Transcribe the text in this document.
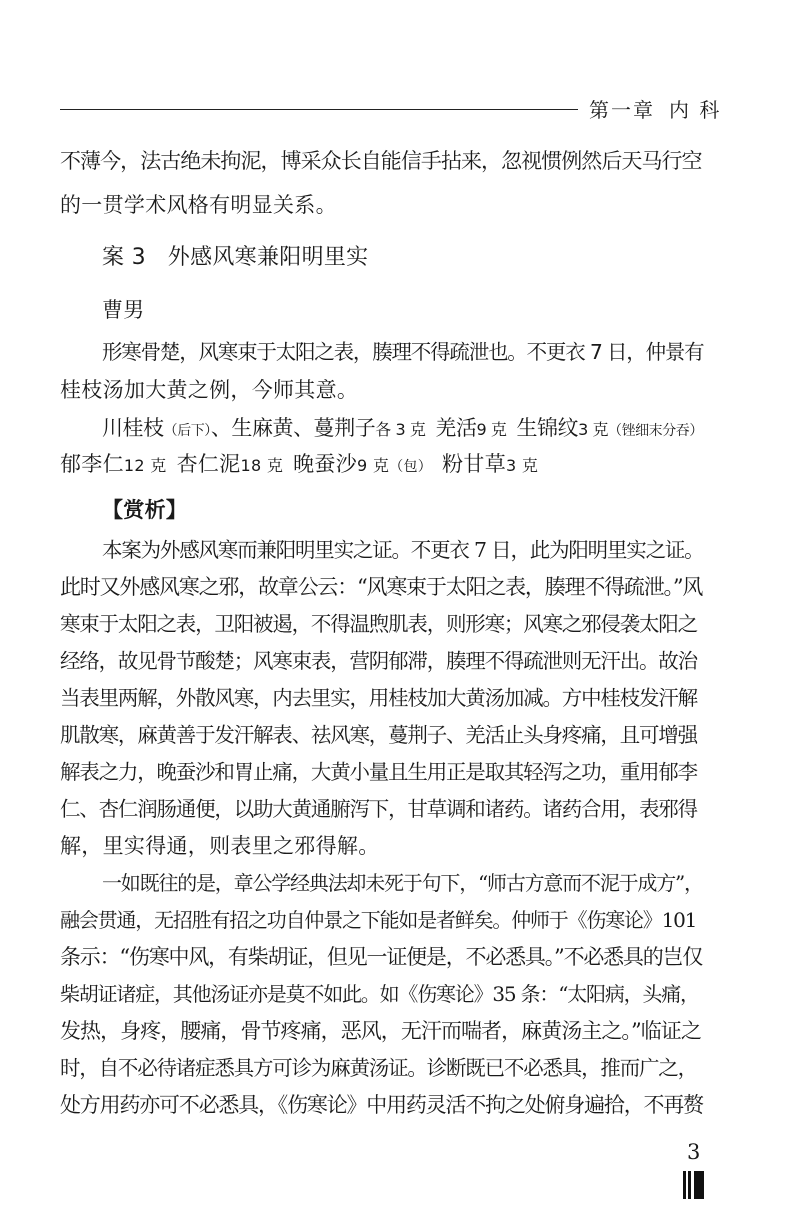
第一章 内 科
不薄今，法古绝未拘泥，博采众长自能信手拈来，忽视惯例然后天马行空
的一贯学术风格有明显关系。
案 3 外感风寒兼阳明里实
曹男
形寒骨楚，风寒束于太阳之表，腠理不得疏泄也。不更衣 7 日，仲景有
桂枝汤加大黄之例，今师其意。
川桂枝（后下）、生麻黄、蔓荆子各 3 克 羌活9 克 生锦纹3 克（锉细末分吞）
郁李仁12 克 杏仁泥18 克 晚蚕沙9 克（包） 粉甘草3 克
【赏析】
本案为外感风寒而兼阳明里实之证。不更衣 7 日，此为阳明里实之证。
此时又外感风寒之邪，故章公云：“风寒束于太阳之表，腠理不得疏泄。”风
寒束于太阳之表，卫阳被遏，不得温煦肌表，则形寒；风寒之邪侵袭太阳之
经络，故见骨节酸楚；风寒束表，营阴郁滞，腠理不得疏泄则无汗出。故治
当表里两解，外散风寒，内去里实，用桂枝加大黄汤加减。方中桂枝发汗解
肌散寒，麻黄善于发汗解表、祛风寒，蔓荆子、羌活止头身疼痛，且可增强
解表之力，晚蚕沙和胃止痛，大黄小量且生用正是取其轻泻之功，重用郁李
仁、杏仁润肠通便，以助大黄通腑泻下，甘草调和诸药。诸药合用，表邪得
解，里实得通，则表里之邪得解。
一如既往的是，章公学经典法却未死于句下，“师古方意而不泥于成方”，
融会贯通，无招胜有招之功自仲景之下能如是者鲜矣。仲师于《伤寒论》101
条示：“伤寒中风，有柴胡证，但见一证便是，不必悉具。”不必悉具的岂仅
柴胡证诸症，其他汤证亦是莫不如此。如《伤寒论》35 条：“太阳病，头痛，
发热，身疼，腰痛，骨节疼痛，恶风，无汗而喘者，麻黄汤主之。”临证之
时，自不必待诸症悉具方可诊为麻黄汤证。诊断既已不必悉具，推而广之，
处方用药亦可不必悉具，《伤寒论》中用药灵活不拘之处俯身遍拾，不再赘
3
